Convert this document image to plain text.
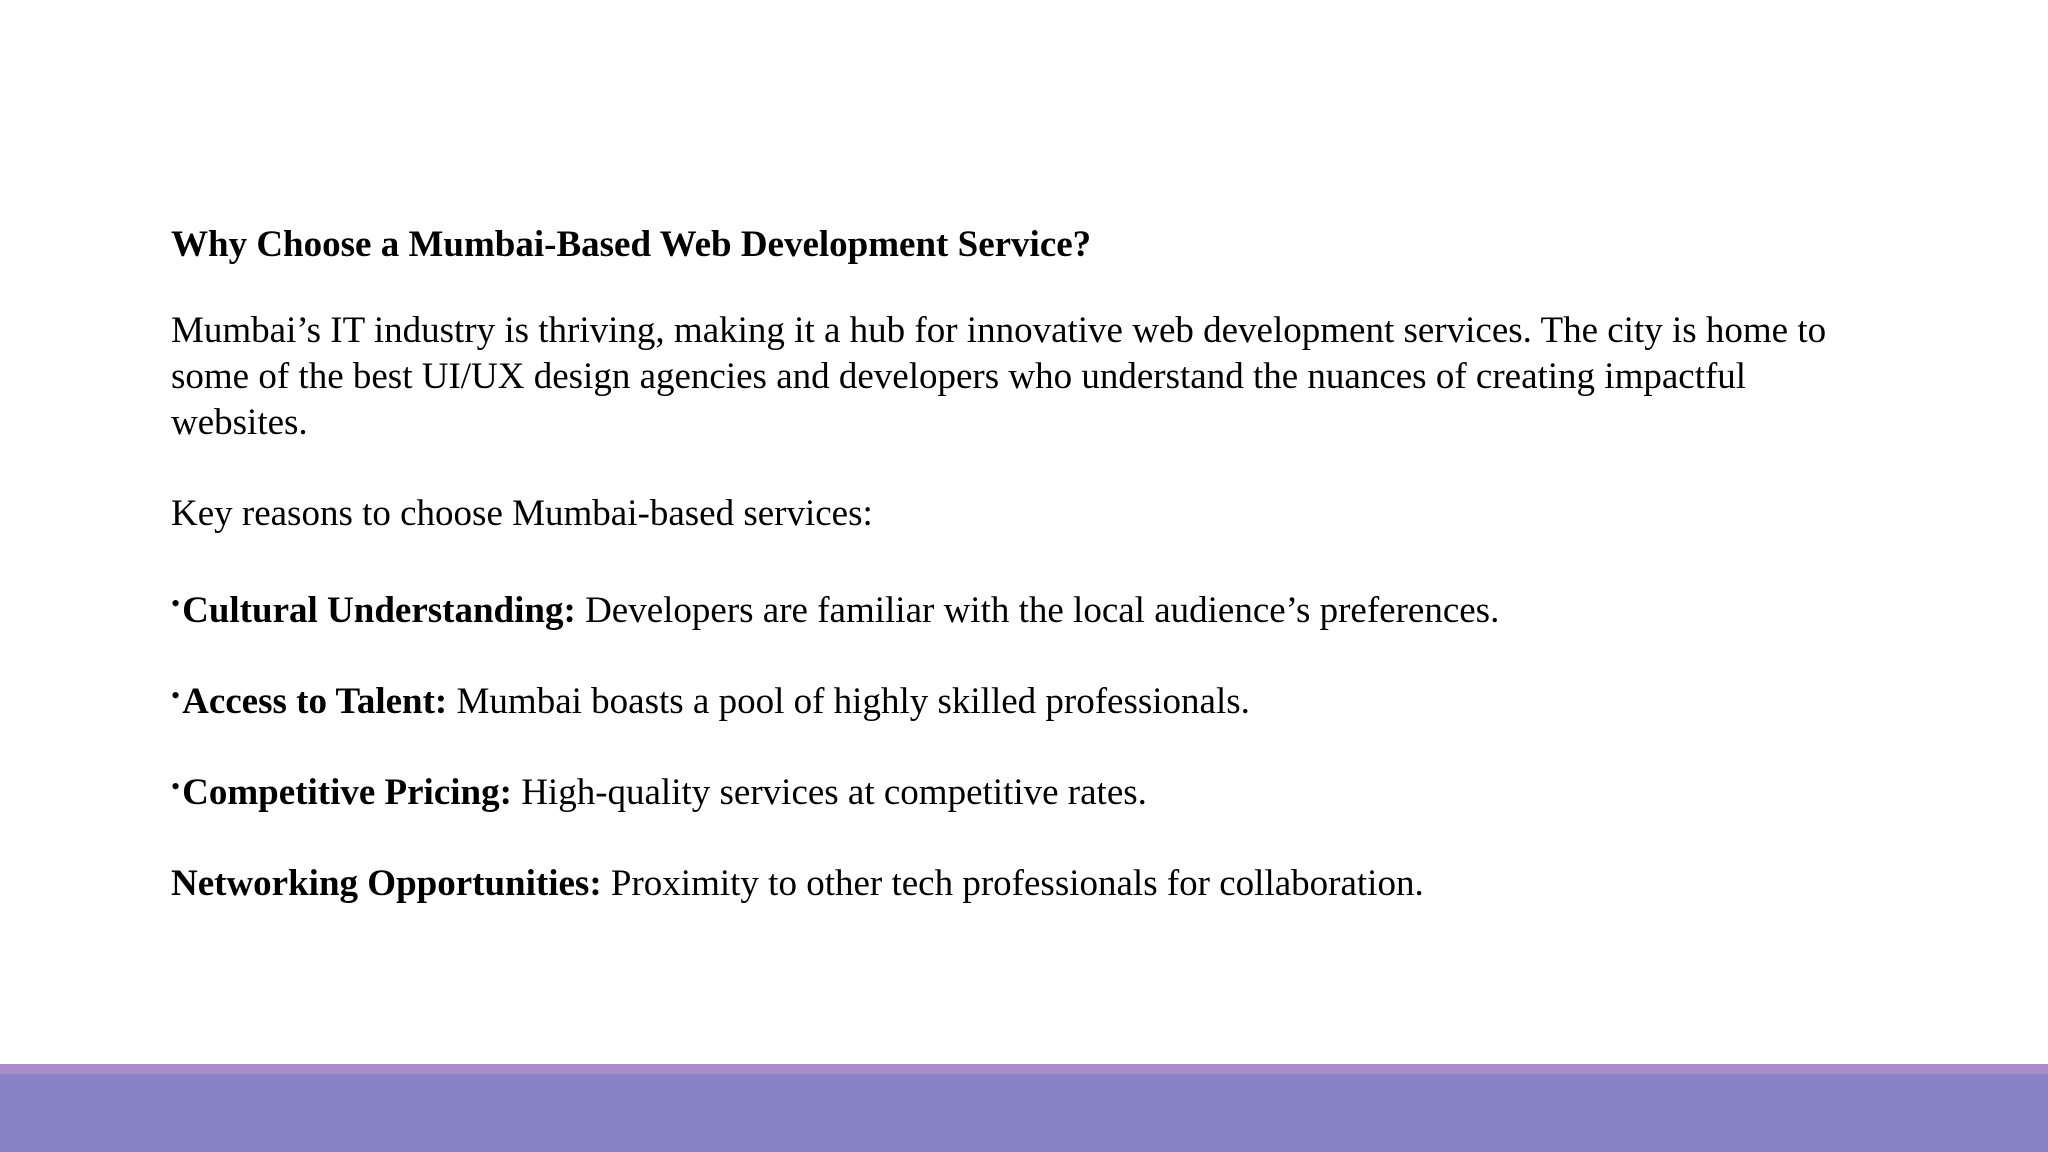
Why Choose a Mumbai-Based Web Development Service?

Mumbai’s IT industry is thriving, making it a hub for innovative web development services. The city is home to some of the best UI/UX design agencies and developers who understand the nuances of creating impactful websites.

Key reasons to choose Mumbai-based services:

•Cultural Understanding: Developers are familiar with the local audience’s preferences.
•Access to Talent: Mumbai boasts a pool of highly skilled professionals.
•Competitive Pricing: High-quality services at competitive rates.
Networking Opportunities: Proximity to other tech professionals for collaboration.
